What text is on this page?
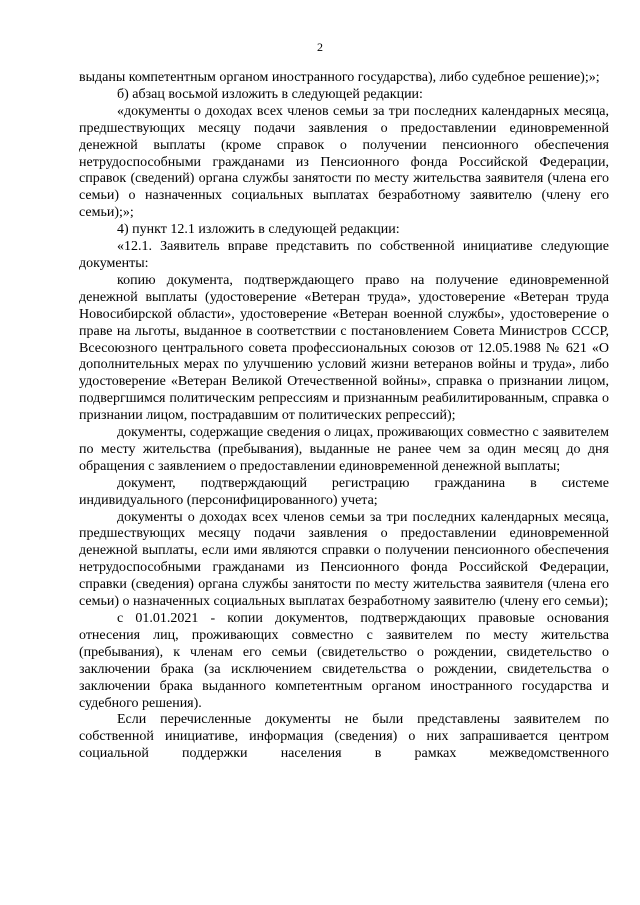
2

выданы компетентным органом иностранного государства), либо судебное решение);»;

б) абзац восьмой изложить в следующей редакции:

«документы о доходах всех членов семьи за три последних календарных месяца, предшествующих месяцу подачи заявления о предоставлении единовременной денежной выплаты (кроме справок о получении пенсионного обеспечения нетрудоспособными гражданами из Пенсионного фонда Российской Федерации, справок (сведений) органа службы занятости по месту жительства заявителя (члена его семьи) о назначенных социальных выплатах безработному заявителю (члену его семьи);»;

4) пункт 12.1 изложить в следующей редакции:

«12.1. Заявитель вправе представить по собственной инициативе следующие документы:

копию документа, подтверждающего право на получение единовременной денежной выплаты (удостоверение «Ветеран труда», удостоверение «Ветеран труда Новосибирской области», удостоверение «Ветеран военной службы», удостоверение о праве на льготы, выданное в соответствии с постановлением Совета Министров СССР, Всесоюзного центрального совета профессиональных союзов от 12.05.1988 № 621 «О дополнительных мерах по улучшению условий жизни ветеранов войны и труда», либо удостоверение «Ветеран Великой Отечественной войны», справка о признании лицом, подвергшимся политическим репрессиям и признанным реабилитированным, справка о признании лицом, пострадавшим от политических репрессий);

документы, содержащие сведения о лицах, проживающих совместно с заявителем по месту жительства (пребывания), выданные не ранее чем за один месяц до дня обращения с заявлением о предоставлении единовременной денежной выплаты;

документ, подтверждающий регистрацию гражданина в системе индивидуального (персонифицированного) учета;

документы о доходах всех членов семьи за три последних календарных месяца, предшествующих месяцу подачи заявления о предоставлении единовременной денежной выплаты, если ими являются справки о получении пенсионного обеспечения нетрудоспособными гражданами из Пенсионного фонда Российской Федерации, справки (сведения) органа службы занятости по месту жительства заявителя (члена его семьи) о назначенных социальных выплатах безработному заявителю (члену его семьи);

с 01.01.2021 - копии документов, подтверждающих правовые основания отнесения лиц, проживающих совместно с заявителем по месту жительства (пребывания), к членам его семьи (свидетельство о рождении, свидетельство о заключении брака (за исключением свидетельства о рождении, свидетельства о заключении брака выданного компетентным органом иностранного государства и судебного решения).

Если перечисленные документы не были представлены заявителем по собственной инициативе, информация (сведения) о них запрашивается центром социальной поддержки населения в рамках межведомственного
